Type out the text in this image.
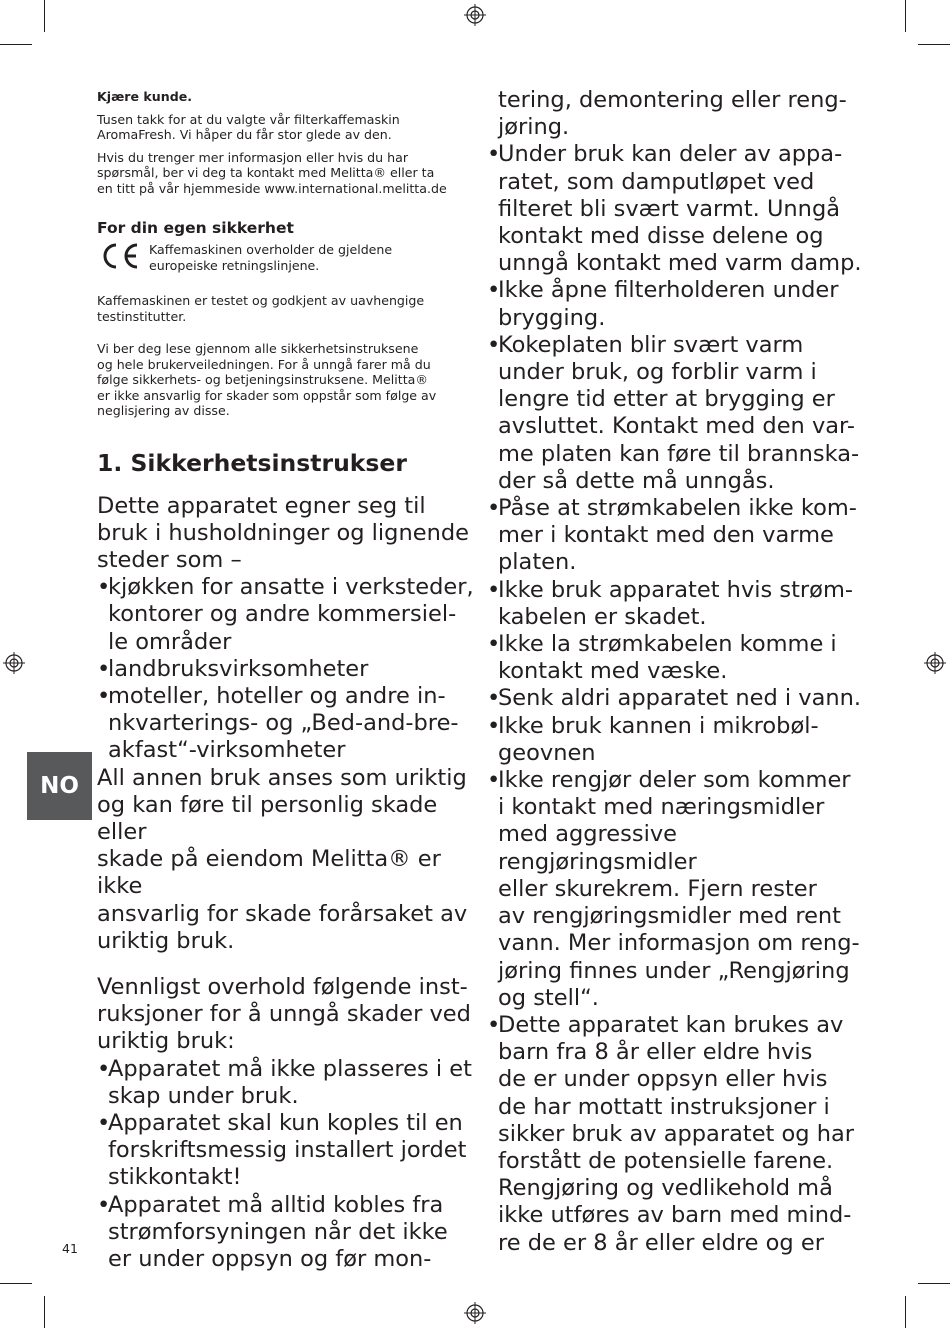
Kjære kunde.

Tusen takk for at du valgte vår filterkaffemaskin
AromaFresh. Vi håper du får stor glede av den.

Hvis du trenger mer informasjon eller hvis du har
spørsmål, ber vi deg ta kontakt med Melitta® eller ta
en titt på vår hjemmeside www.international.melitta.de

For din egen sikkerhet

Kaffemaskinen overholder de gjeldene
europeiske retningslinjene.

Kaffemaskinen er testet og godkjent av uavhengige
testinstitutter.

Vi ber deg lese gjennom alle sikkerhetsinstruksene
og hele brukerveiledningen. For å unngå farer må du
følge sikkerhets- og betjeningsinstruksene. Melitta®
er ikke ansvarlig for skader som oppstår som følge av
neglisjering av disse.

1. Sikkerhetsinstrukser

Dette apparatet egner seg til
bruk i husholdninger og lignende
steder som –

• kjøkken for ansatte i verksteder,
kontorer og andre kommersiel-
le områder
• landbruksvirksomheter
• moteller, hoteller og andre in-
nkvarterings- og „Bed-and-bre-
akfast“-virksomheter

All annen bruk anses som uriktig
og kan føre til personlig skade eller
skade på eiendom Melitta® er ikke
ansvarlig for skade forårsaket av
uriktig bruk.

Vennligst overhold følgende inst-
ruksjoner for å unngå skader ved
uriktig bruk:

• Apparatet må ikke plasseres i et
skap under bruk.
• Apparatet skal kun koples til en
forskriftsmessig installert jordet
stikkontakt!
• Apparatet må alltid kobles fra
strømforsyningen når det ikke
er under oppsyn og før mon-

tering, demontering eller reng-
jøring.

• Under bruk kan deler av appa-
ratet, som damputløpet ved
filteret bli svært varmt. Unngå
kontakt med disse delene og
unngå kontakt med varm damp.
• Ikke åpne filterholderen under
brygging.
• Kokeplaten blir svært varm
under bruk, og forblir varm i
lengre tid etter at brygging er
avsluttet. Kontakt med den var-
me platen kan føre til brannska-
der så dette må unngås.
• Påse at strømkabelen ikke kom-
mer i kontakt med den varme
platen.
• Ikke bruk apparatet hvis strøm-
kabelen er skadet.
• Ikke la strømkabelen komme i
kontakt med væske.
• Senk aldri apparatet ned i vann.
• Ikke bruk kannen i mikrobøl-
geovnen
• Ikke rengjør deler som kommer
i kontakt med næringsmidler
med aggressive rengjøringsmidler
eller skurekrem. Fjern rester
av rengjøringsmidler med rent
vann. Mer informasjon om reng-
jøring finnes under „Rengjøring
og stell“.
• Dette apparatet kan brukes av
barn fra 8 år eller eldre hvis
de er under oppsyn eller hvis
de har mottatt instruksjoner i
sikker bruk av apparatet og har
forstått de potensielle farene.
Rengjøring og vedlikehold må
ikke utføres av barn med mind-
re de er 8 år eller eldre og er
NO
41
